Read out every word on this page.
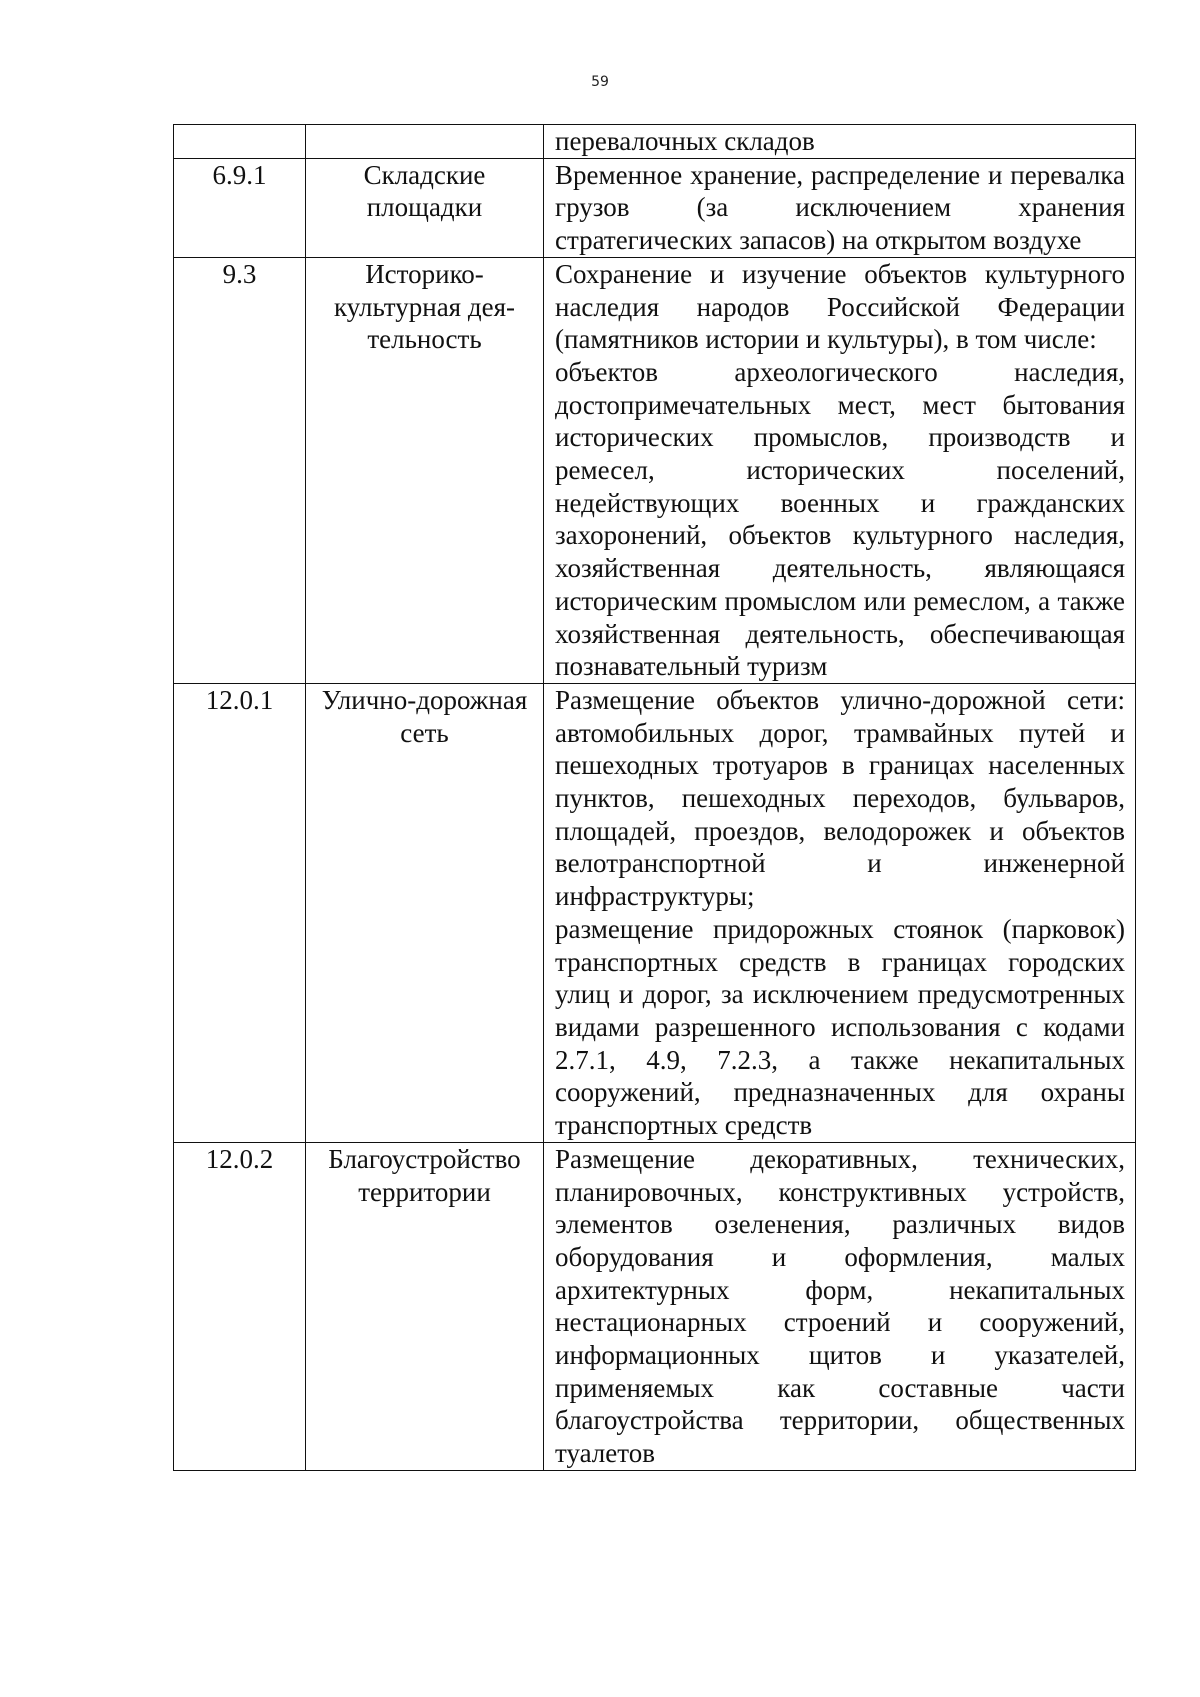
59

		перевалочных складов

6.9.1	Складские площадки	Временное хранение, распределение и перевалка грузов (за исключением хранения стратегических запасов) на открытом воздухе

9.3	Историко-культурная деятельность	Сохранение и изучение объектов культурного наследия народов Российской Федерации (памятников истории и культуры), в том числе:

объектов археологического наследия, достопримечательных мест, мест бытования исторических промыслов, производств и ремесел, исторических поселений, недействующих военных и гражданских захоронений, объектов культурного наследия, хозяйственная деятельность, являющаяся историческим промыслом или ремеслом, а также хозяйственная деятельность, обеспечивающая познавательный туризм

12.0.1	Улично-дорожная сеть	Размещение объектов улично-дорожной сети: автомобильных дорог, трамвайных путей и пешеходных тротуаров в границах населенных пунктов, пешеходных переходов, бульваров, площадей, проездов, велодорожек и объектов велотранспортной и инженерной инфраструктуры;

размещение придорожных стоянок (парковок) транспортных средств в границах городских улиц и дорог, за исключением предусмотренных видами разрешенного использования с кодами 2.7.1, 4.9, 7.2.3, а также некапитальных сооружений, предназначенных для охраны транспортных средств

12.0.2	Благоустройство территории	Размещение декоративных, технических, планировочных, конструктивных устройств, элементов озеленения, различных видов оборудования и оформления, малых архитектурных форм, некапитальных нестационарных строений и сооружений, информационных щитов и указателей, применяемых как составные части благоустройства территории, общественных туалетов
